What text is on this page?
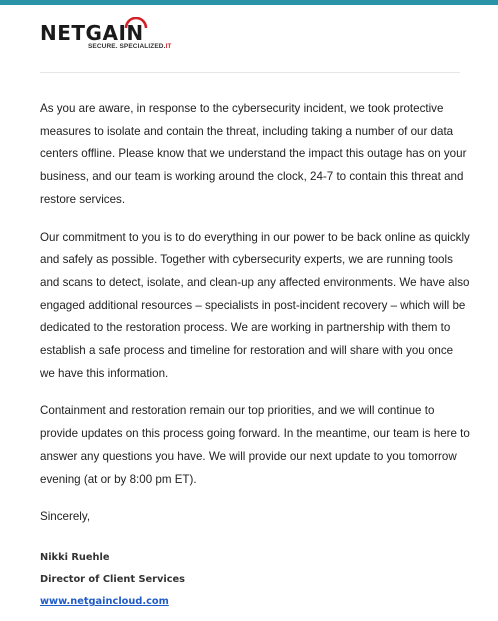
NETGAIN
SECURE. SPECIALIZED.IT

As you are aware, in response to the cybersecurity incident, we took protective measures to isolate and contain the threat, including taking a number of our data centers offline. Please know that we understand the impact this outage has on your business, and our team is working around the clock, 24-7 to contain this threat and restore services.

Our commitment to you is to do everything in our power to be back online as quickly and safely as possible. Together with cybersecurity experts, we are running tools and scans to detect, isolate, and clean-up any affected environments. We have also engaged additional resources – specialists in post-incident recovery – which will be dedicated to the restoration process. We are working in partnership with them to establish a safe process and timeline for restoration and will share with you once we have this information.

Containment and restoration remain our top priorities, and we will continue to provide updates on this process going forward. In the meantime, our team is here to answer any questions you have. We will provide our next update to you tomorrow evening (at or by 8:00 pm ET).

Sincerely,

Nikki Ruehle

Director of Client Services

www.netgaincloud.com
